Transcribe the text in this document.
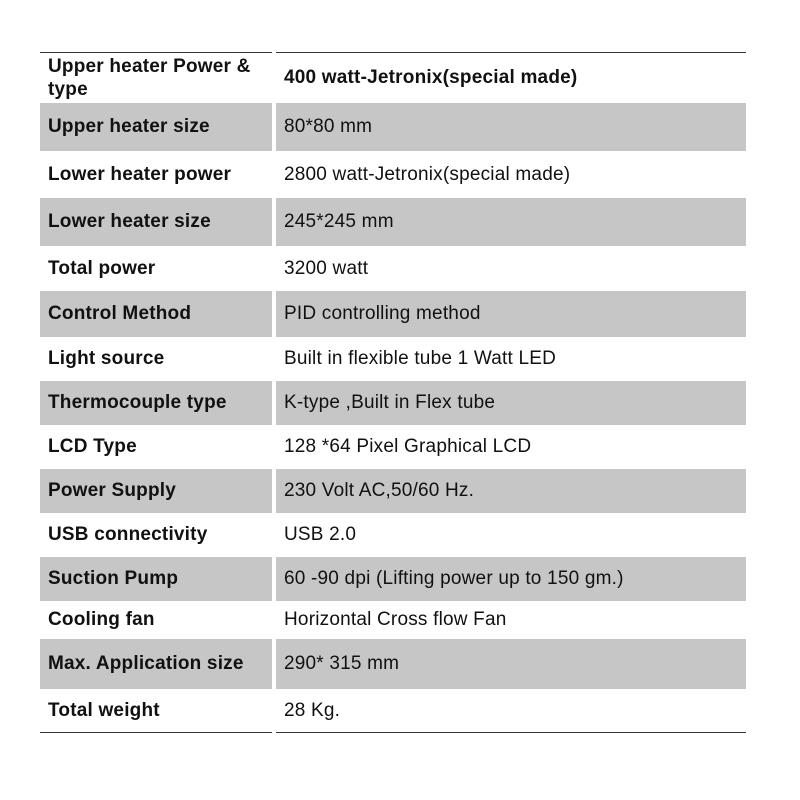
Upper heater Power & type	400 watt-Jetronix(special made)
Upper heater size	80*80 mm
Lower heater power	2800 watt-Jetronix(special made)
Lower heater size	245*245 mm
Total power	3200 watt
Control Method	PID controlling method
Light source	Built in flexible tube 1 Watt LED
Thermocouple type	K-type ,Built in Flex tube
LCD Type	128 *64 Pixel Graphical LCD
Power Supply	230 Volt AC,50/60 Hz.
USB connectivity	USB 2.0
Suction Pump	60 -90 dpi (Lifting power up to 150 gm.)
Cooling fan	Horizontal Cross flow Fan
Max. Application size	290* 315 mm
Total weight	28 Kg.
